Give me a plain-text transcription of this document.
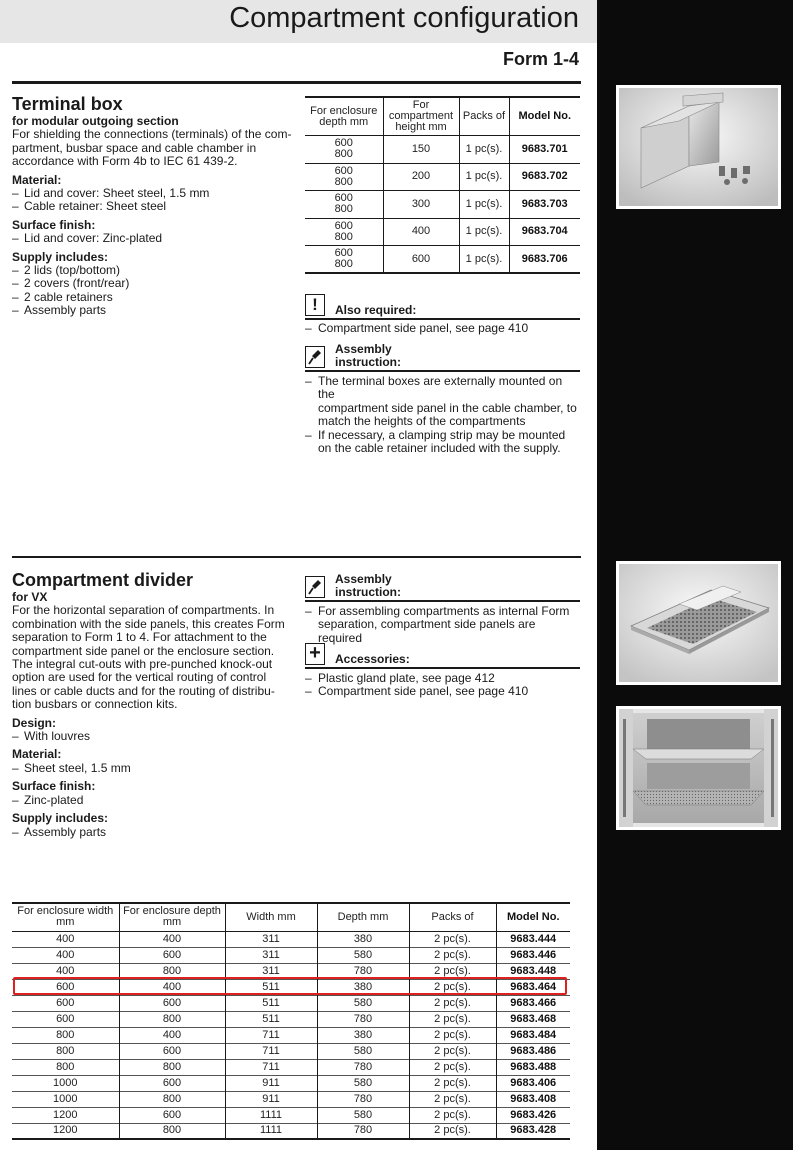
Compartment configuration
Form 1-4
Terminal box

for modular outgoing section

For shielding the connections (terminals) of the com-

partment, busbar space and cable chamber in

accordance with Form 4b to IEC 61 439-2.

Material:

– Lid and cover: Sheet steel, 1.5 mm

– Cable retainer: Sheet steel

Surface finish:

– Lid and cover: Zinc-plated

Supply includes:

– 2 lids (top/bottom)

– 2 covers (front/rear)

– 2 cable retainers

– Assembly parts

For enclosure depth mm	For compartment height mm	Packs of	Model No.
600
800	150	1 pc(s).	9683.701
600
800	200	1 pc(s).	9683.702
600
800	300	1 pc(s).	9683.703
600
800	400	1 pc(s).	9683.704
600
800	600	1 pc(s).	9683.706
!	Also required:
– Compartment side panel, see page 410
Assembly
instruction:
– The terminal boxes are externally mounted on the
compartment side panel in the cable chamber, to
match the heights of the compartments
– If necessary, a clamping strip may be mounted
on the cable retainer included with the supply.
Compartment divider

for VX

For the horizontal separation of compartments. In

combination with the side panels, this creates Form

separation to Form 1 to 4. For attachment to the

compartment side panel or the enclosure section.

The integral cut-outs with pre-punched knock-out

option are used for the vertical routing of control

lines or cable ducts and for the routing of distribu-

tion busbars or connection kits.

Design:

– With louvres

Material:

– Sheet steel, 1.5 mm

Surface finish:

– Zinc-plated

Supply includes:

– Assembly parts

Assembly
instruction:
– For assembling compartments as internal Form
separation, compartment side panels are required
+	Accessories:
– Plastic gland plate, see page 412
– Compartment side panel, see page 410
For enclosure width mm	For enclosure depth mm	Width mm	Depth mm	Packs of	Model No.
400	400	311	380	2 pc(s).	9683.444
400	600	311	580	2 pc(s).	9683.446
400	800	311	780	2 pc(s).	9683.448
600	400	511	380	2 pc(s).	9683.464
600	600	511	580	2 pc(s).	9683.466
600	800	511	780	2 pc(s).	9683.468
800	400	711	380	2 pc(s).	9683.484
800	600	711	580	2 pc(s).	9683.486
800	800	711	780	2 pc(s).	9683.488
1000	600	911	580	2 pc(s).	9683.406
1000	800	911	780	2 pc(s).	9683.408
1200	600	1111	580	2 pc(s).	9683.426
1200	800	1111	780	2 pc(s).	9683.428
